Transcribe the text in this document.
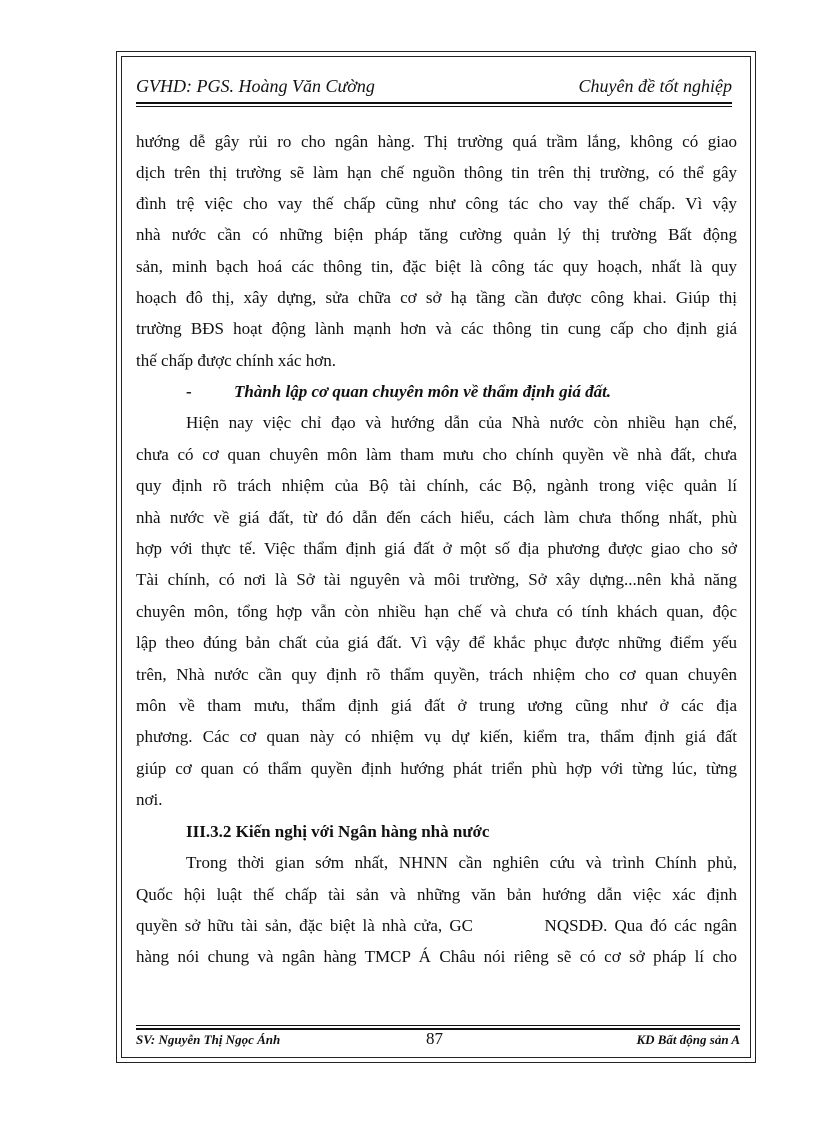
GVHD: PGS. Hoàng Văn Cường	Chuyên đề tốt nghiệp
hướng dễ gây rủi ro cho ngân hàng. Thị trường quá trầm lắng, không có giao
dịch trên thị trường sẽ làm hạn chế nguồn thông tin trên thị trường, có thể gây
đình trệ việc cho vay thế chấp cũng như công tác cho vay thế chấp. Vì vậy
nhà nước cần có những biện pháp tăng cường quản lý thị trường Bất động
sản, minh bạch hoá các thông tin, đặc biệt là công tác quy hoạch, nhất là quy
hoạch đô thị, xây dựng, sửa chữa cơ sở hạ tầng cần được công khai. Giúp thị
trường BĐS hoạt động lành mạnh hơn và các thông tin cung cấp cho định giá
thế chấp được chính xác hơn.
- Thành lập cơ quan chuyên môn về thẩm định giá đất.
Hiện nay việc chỉ đạo và hướng dẫn của Nhà nước còn nhiều hạn chế,
chưa có cơ quan chuyên môn làm tham mưu cho chính quyền về nhà đất, chưa
quy định rõ trách nhiệm của Bộ tài chính, các Bộ, ngành trong việc quản lí
nhà nước về giá đất, từ đó dẫn đến cách hiểu, cách làm chưa thống nhất, phù
hợp với thực tế. Việc thẩm định giá đất ở một số địa phương được giao cho sở
Tài chính, có nơi là Sở tài nguyên và môi trường, Sở xây dựng...nên khả năng
chuyên môn, tổng hợp vẫn còn nhiều hạn chế và chưa có tính khách quan, độc
lập theo đúng bản chất của giá đất. Vì vậy để khắc phục được những điểm yếu
trên, Nhà nước cần quy định rõ thẩm quyền, trách nhiệm cho cơ quan chuyên
môn về tham mưu, thẩm định giá đất ở trung ương cũng như ở các địa
phương. Các cơ quan này có nhiệm vụ dự kiến, kiểm tra, thẩm định giá đất
giúp cơ quan có thẩm quyền định hướng phát triển phù hợp với từng lúc, từng
nơi.
III.3.2 Kiến nghị với Ngân hàng nhà nước
Trong thời gian sớm nhất, NHNN cần nghiên cứu và trình Chính phủ,
Quốc hội luật thế chấp tài sản và những văn bản hướng dẫn việc xác định
quyền sở hữu tài sản, đặc biệt là nhà cửa, GC          NQSDĐ. Qua đó các ngân
hàng nói chung và ngân hàng TMCP Á Châu nói riêng sẽ có cơ sở pháp lí cho
SV: Nguyễn Thị Ngọc Ánh	87	KD Bất động sản A
